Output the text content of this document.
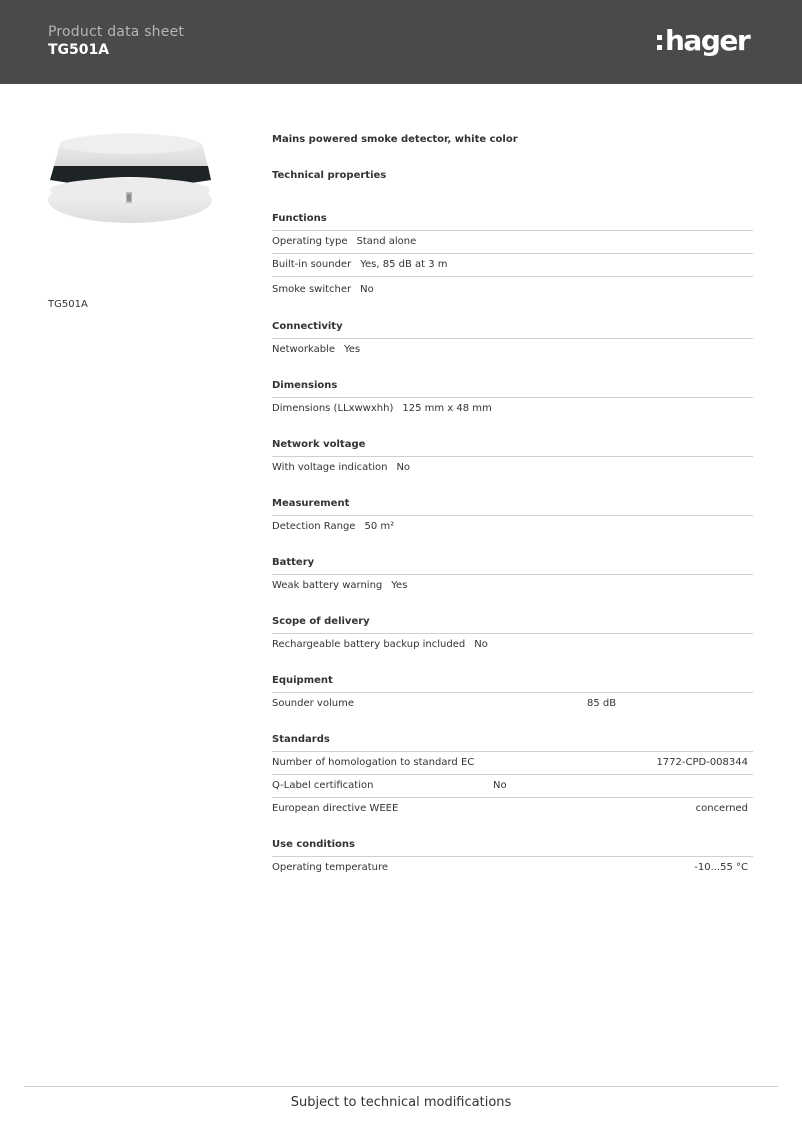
Product data sheet
TG501A	hager
TG501A
Mains powered smoke detector, white color
Technical properties
Functions
Operating type Stand alone
Built-in sounder Yes, 85 dB at 3 m
Smoke switcher No
Connectivity
Networkable Yes
Dimensions
Dimensions (LLxwwxhh) 125 mm x 48 mm
Network voltage
With voltage indication No
Measurement
Detection Range 50 m²
Battery
Weak battery warning Yes
Scope of delivery
Rechargeable battery backup included No
Equipment
Sounder volume	85 dB
Standards
Number of homologation to standard EC	1772-CPD-008344
Q-Label certification	No
European directive WEEE	concerned
Use conditions
Operating temperature	-10...55 °C
Subject to technical modifications
